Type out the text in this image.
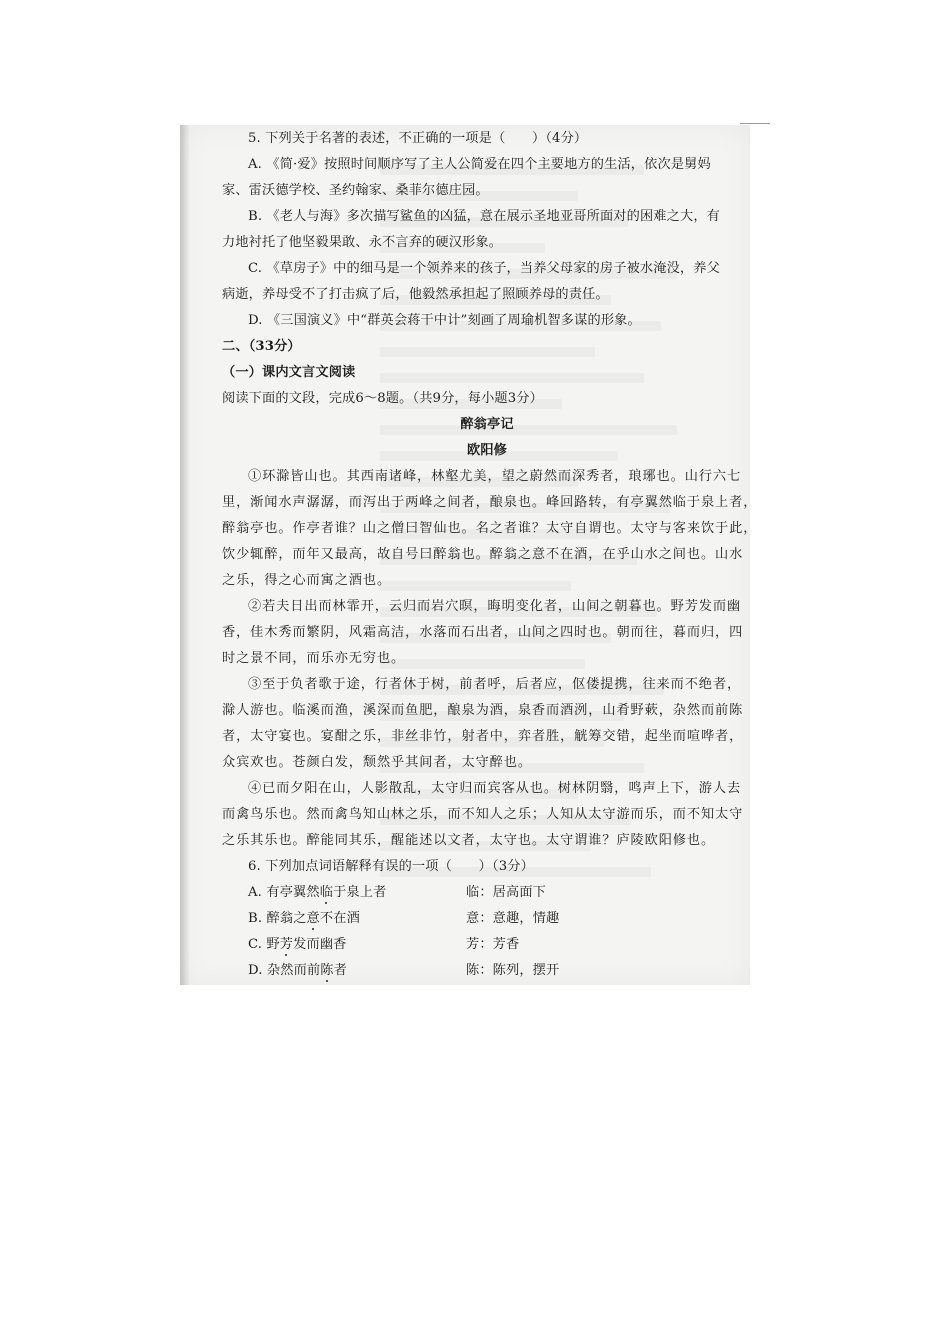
5. 下列关于名著的表述，不正确的一项是（　　）（4分）
A. 《简·爱》按照时间顺序写了主人公简爱在四个主要地方的生活，依次是舅妈
家、雷沃德学校、圣约翰家、桑菲尔德庄园。
B. 《老人与海》多次描写鲨鱼的凶猛，意在展示圣地亚哥所面对的困难之大，有
力地衬托了他坚毅果敢、永不言弃的硬汉形象。
C. 《草房子》中的细马是一个领养来的孩子，当养父母家的房子被水淹没，养父
病逝，养母受不了打击疯了后，他毅然承担起了照顾养母的责任。
D. 《三国演义》中“群英会蒋干中计”刻画了周瑜机智多谋的形象。
二、（33分）
（一）课内文言文阅读
阅读下面的文段，完成6～8题。（共9分，每小题3分）
醉翁亭记
欧阳修
①环滁皆山也。其西南诸峰，林壑尤美，望之蔚然而深秀者，琅琊也。山行六七
里，渐闻水声潺潺，而泻出于两峰之间者，酿泉也。峰回路转，有亭翼然临于泉上者，
醉翁亭也。作亭者谁？山之僧曰智仙也。名之者谁？太守自谓也。太守与客来饮于此，
饮少辄醉，而年又最高，故自号曰醉翁也。醉翁之意不在酒，在乎山水之间也。山水
之乐，得之心而寓之酒也。
②若夫日出而林霏开，云归而岩穴暝，晦明变化者，山间之朝暮也。野芳发而幽
香，佳木秀而繁阴，风霜高洁，水落而石出者，山间之四时也。朝而往，暮而归，四
时之景不同，而乐亦无穷也。
③至于负者歌于途，行者休于树，前者呼，后者应，伛偻提携，往来而不绝者，
滁人游也。临溪而渔，溪深而鱼肥，酿泉为酒，泉香而酒洌，山肴野蔌，杂然而前陈
者，太守宴也。宴酣之乐，非丝非竹，射者中，弈者胜，觥筹交错，起坐而喧哗者，
众宾欢也。苍颜白发，颓然乎其间者，太守醉也。
④已而夕阳在山，人影散乱，太守归而宾客从也。树林阴翳，鸣声上下，游人去
而禽鸟乐也。然而禽鸟知山林之乐，而不知人之乐；人知从太守游而乐，而不知太守
之乐其乐也。醉能同其乐，醒能述以文者，太守也。太守谓谁？庐陵欧阳修也。
6. 下列加点词语解释有误的一项（　　）（3分）
A. 有亭翼然临于泉上者	临：居高面下
B. 醉翁之意不在酒	意：意趣，情趣
C. 野芳发而幽香	芳：芳香
D. 杂然而前陈者	陈：陈列，摆开
